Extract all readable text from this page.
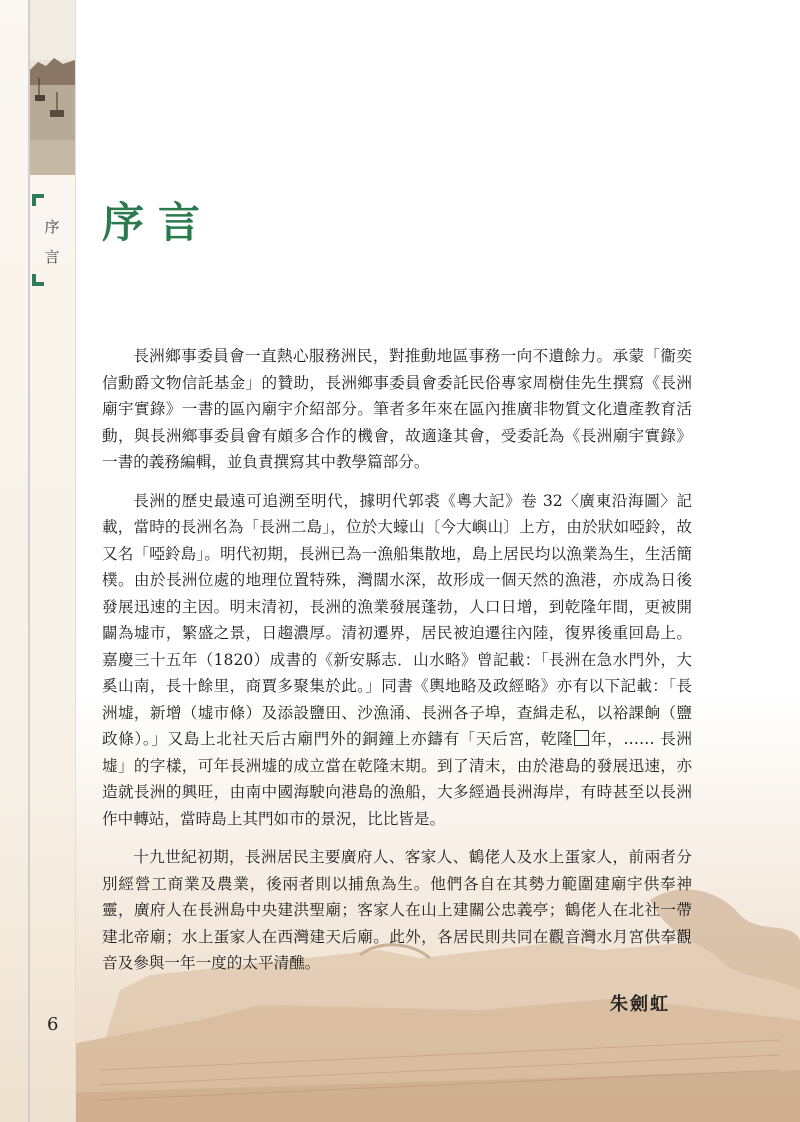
序
言
6
序言

長洲鄉事委員會一直熱心服務洲民，對推動地區事務一向不遺餘力。承蒙「衞奕信勳爵文物信託基金」的贊助，長洲鄉事委員會委託民俗專家周樹佳先生撰寫《長洲廟宇實錄》一書的區內廟宇介紹部分。筆者多年來在區內推廣非物質文化遺產教育活動，與長洲鄉事委員會有頗多合作的機會，故適逢其會，受委託為《長洲廟宇實錄》一書的義務編輯，並負責撰寫其中教學篇部分。

長洲的歷史最遠可追溯至明代，據明代郭裘《粵大記》卷 32〈廣東沿海圖〉記載，當時的長洲名為「長洲二島」，位於大蠔山〔今大嶼山〕上方，由於狀如啞鈴，故又名「啞鈴島」。明代初期，長洲已為一漁船集散地，島上居民均以漁業為生，生活簡樸。由於長洲位處的地理位置特殊，灣闊水深，故形成一個天然的漁港，亦成為日後發展迅速的主因。明末清初，長洲的漁業發展蓬勃，人口日增，到乾隆年間，更被開闢為墟市，繁盛之景，日趨濃厚。清初遷界，居民被迫遷往內陸，復界後重回島上。嘉慶三十五年（1820）成書的《新安縣志．山水略》曾記載：「長洲在急水門外，大奚山南，長十餘里，商賈多聚集於此。」同書《輿地略及政經略》亦有以下記載：「長洲墟，新增（墟市條）及添設鹽田、沙漁涌、長洲各子埠，查緝走私，以裕課餉（鹽政條）。」又島上北社天后古廟門外的銅鐘上亦鑄有「天后宮，乾隆 年，…… 長洲墟」的字樣，可年長洲墟的成立當在乾隆末期。到了清末，由於港島的發展迅速，亦造就長洲的興旺，由南中國海駛向港島的漁船，大多經過長洲海岸，有時甚至以長洲作中轉站，當時島上其門如市的景況，比比皆是。

十九世紀初期，長洲居民主要廣府人、客家人、鶴佬人及水上蛋家人，前兩者分別經營工商業及農業，後兩者則以捕魚為生。他們各自在其勢力範圍建廟宇供奉神靈，廣府人在長洲島中央建洪聖廟；客家人在山上建關公忠義亭；鶴佬人在北社一帶建北帝廟；水上蛋家人在西灣建天后廟。此外，各居民則共同在觀音灣水月宮供奉觀音及參與一年一度的太平清醮。

朱劍虹
